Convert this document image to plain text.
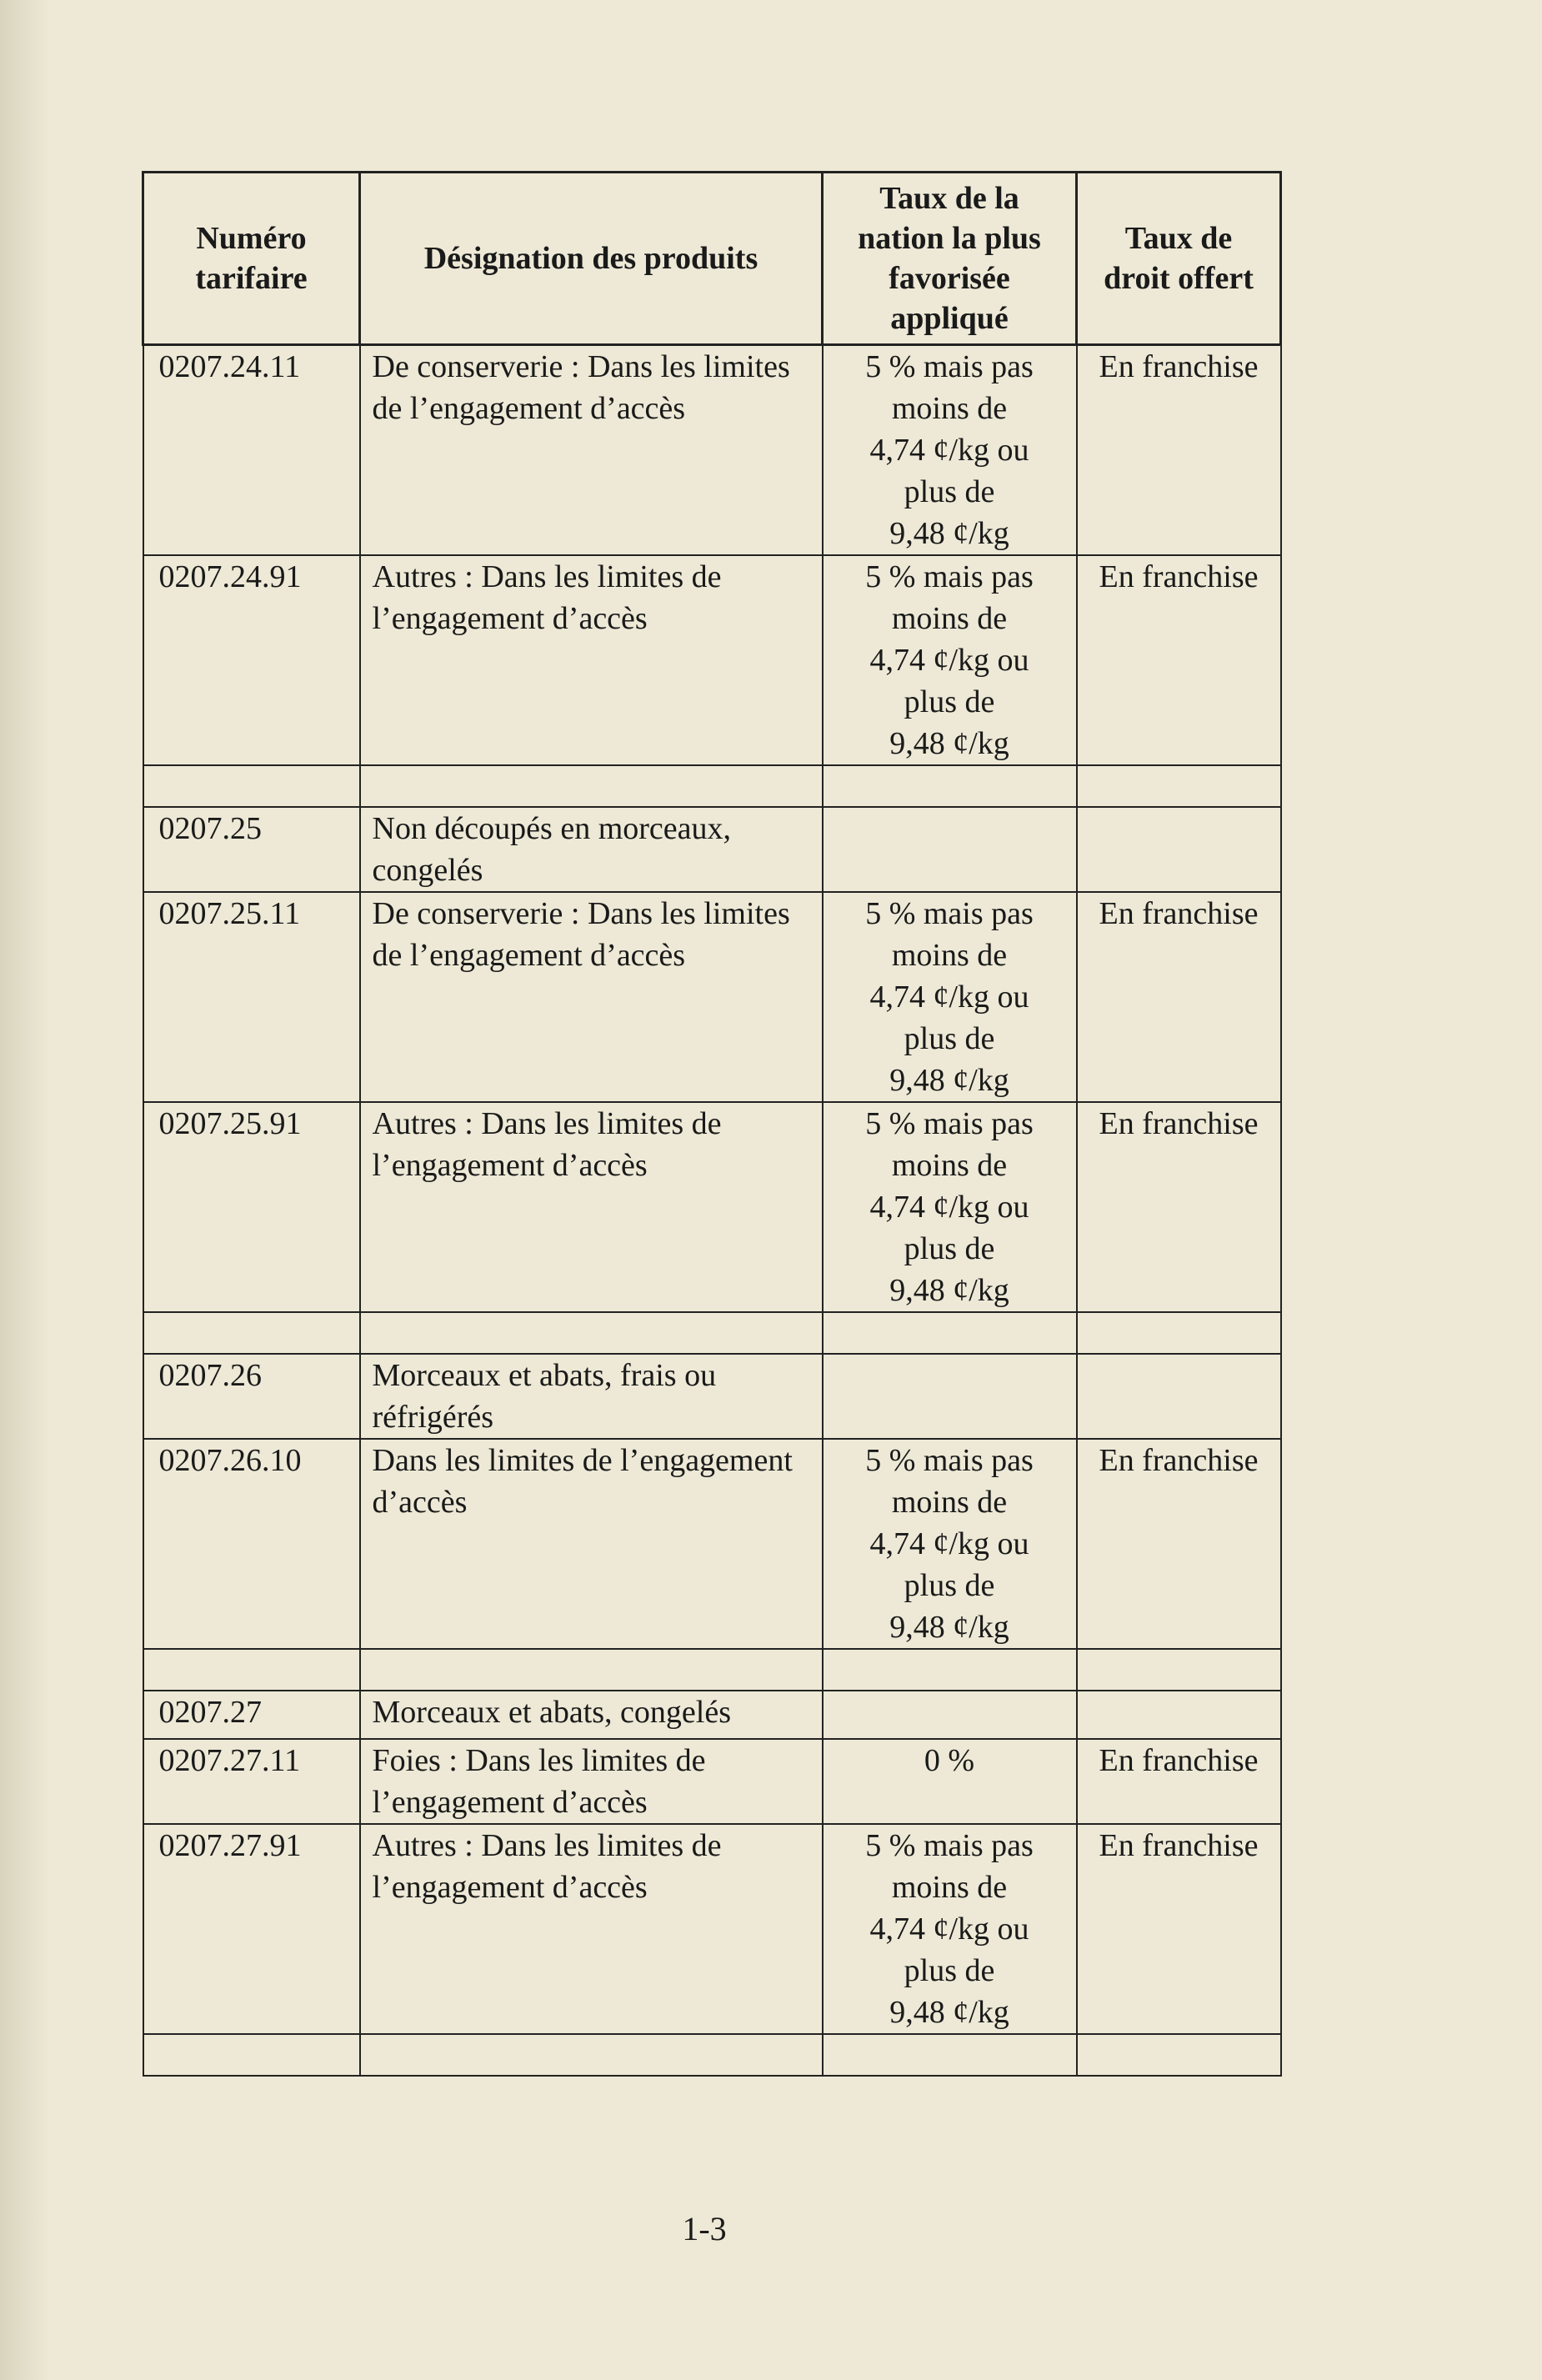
Numéro tarifaire	Désignation des produits	Taux de la nation la plus favorisée appliqué	Taux de droit offert
0207.24.11	De conserverie : Dans les limites de l’engagement d’accès	5 % mais pas
moins de
4,74 ¢/kg ou
plus de
9,48 ¢/kg	En franchise
0207.24.91	Autres : Dans les limites de l’engagement d’accès	5 % mais pas
moins de
4,74 ¢/kg ou
plus de
9,48 ¢/kg	En franchise

0207.25	Non découpés en morceaux, congelés		
0207.25.11	De conserverie : Dans les limites de l’engagement d’accès	5 % mais pas
moins de
4,74 ¢/kg ou
plus de
9,48 ¢/kg	En franchise
0207.25.91	Autres : Dans les limites de l’engagement d’accès	5 % mais pas
moins de
4,74 ¢/kg ou
plus de
9,48 ¢/kg	En franchise

0207.26	Morceaux et abats, frais ou réfrigérés		
0207.26.10	Dans les limites de l’engagement d’accès	5 % mais pas
moins de
4,74 ¢/kg ou
plus de
9,48 ¢/kg	En franchise

0207.27	Morceaux et abats, congelés		
0207.27.11	Foies : Dans les limites de l’engagement d’accès	0 %	En franchise
0207.27.91	Autres : Dans les limites de l’engagement d’accès	5 % mais pas
moins de
4,74 ¢/kg ou
plus de
9,48 ¢/kg	En franchise

1-3
